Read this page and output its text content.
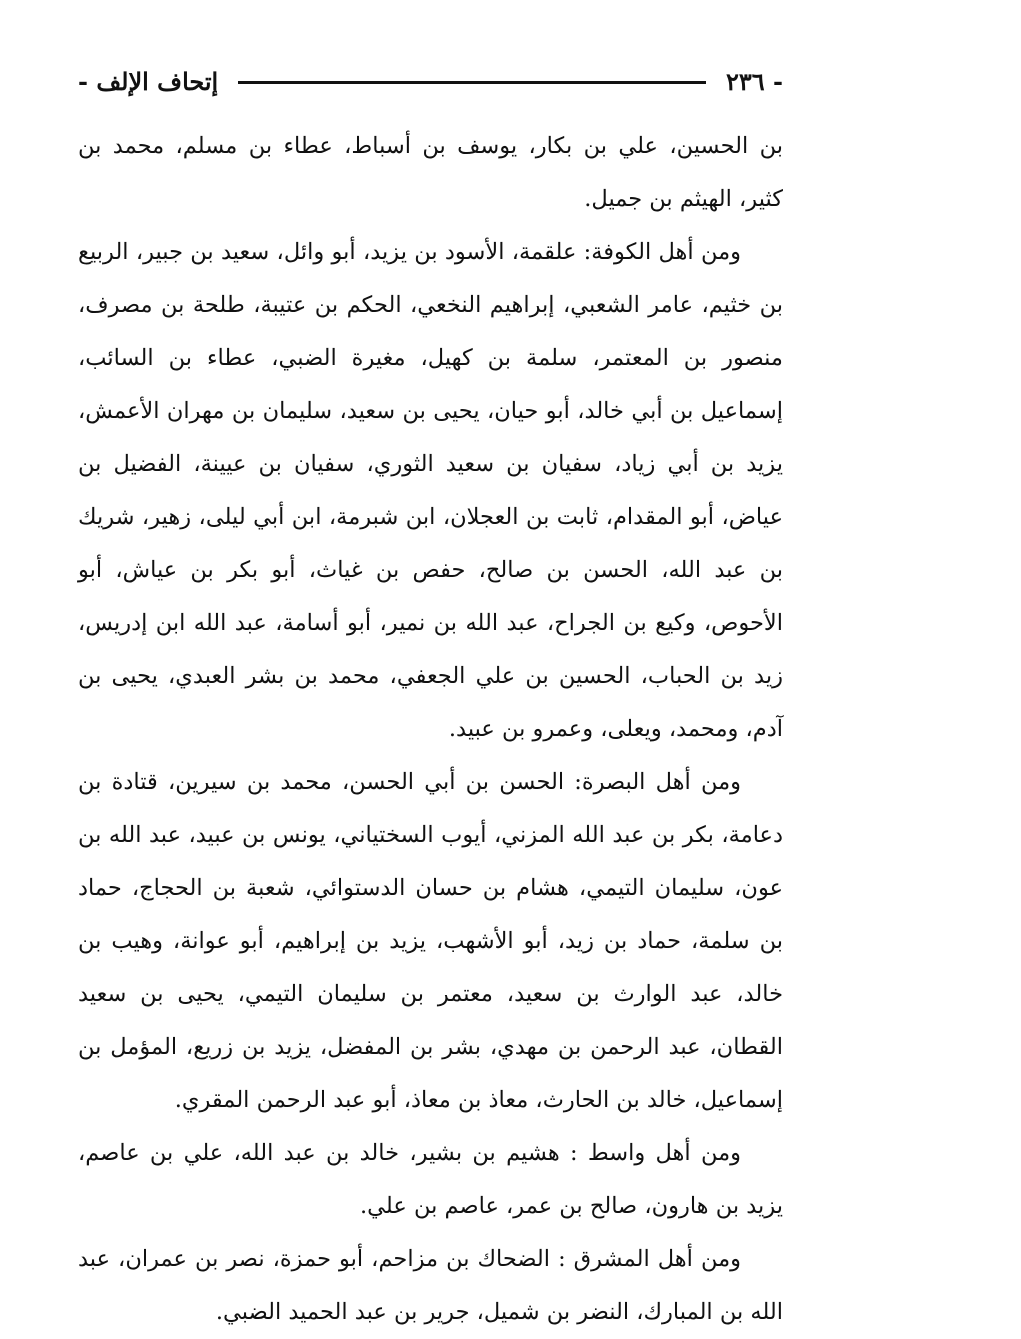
- ٢٣٦
إتحاف الإلف -

بن الحسين، علي بن بكار، يوسف بن أسباط، عطاء بن مسلم، محمد بن كثير، الهيثم بن جميل.

ومن أهل الكوفة: علقمة، الأسود بن يزيد، أبو وائل، سعيد بن جبير، الربيع بن خثيم، عامر الشعبي، إبراهيم النخعي، الحكم بن عتيبة، طلحة بن مصرف، منصور بن المعتمر، سلمة بن كهيل، مغيرة الضبي، عطاء بن السائب، إسماعيل بن أبي خالد، أبو حيان، يحيى بن سعيد، سليمان بن مهران الأعمش، يزيد بن أبي زياد، سفيان بن سعيد الثوري، سفيان بن عيينة، الفضيل بن عياض، أبو المقدام، ثابت بن العجلان، ابن شبرمة، ابن أبي ليلى، زهير، شريك بن عبد الله، الحسن بن صالح، حفص بن غياث، أبو بكر بن عياش، أبو الأحوص، وكيع بن الجراح، عبد الله بن نمير، أبو أسامة، عبد الله ابن إدريس، زيد بن الحباب، الحسين بن علي الجعفي، محمد بن بشر العبدي، يحيى بن آدم، ومحمد، ويعلى، وعمرو بن عبيد.

ومن أهل البصرة: الحسن بن أبي الحسن، محمد بن سيرين، قتادة بن دعامة، بكر بن عبد الله المزني، أيوب السختياني، يونس بن عبيد، عبد الله بن عون، سليمان التيمي، هشام بن حسان الدستوائي، شعبة بن الحجاج، حماد بن سلمة، حماد بن زيد، أبو الأشهب، يزيد بن إبراهيم، أبو عوانة، وهيب بن خالد، عبد الوارث بن سعيد، معتمر بن سليمان التيمي، يحيى بن سعيد القطان، عبد الرحمن بن مهدي، بشر بن المفضل، يزيد بن زريع، المؤمل بن إسماعيل، خالد بن الحارث، معاذ بن معاذ، أبو عبد الرحمن المقري.

ومن أهل واسط : هشيم بن بشير، خالد بن عبد الله، علي بن عاصم، يزيد بن هارون، صالح بن عمر، عاصم بن علي.

ومن أهل المشرق : الضحاك بن مزاحم، أبو حمزة، نصر بن عمران، عبد الله بن المبارك، النضر بن شميل، جرير بن عبد الحميد الضبي.
